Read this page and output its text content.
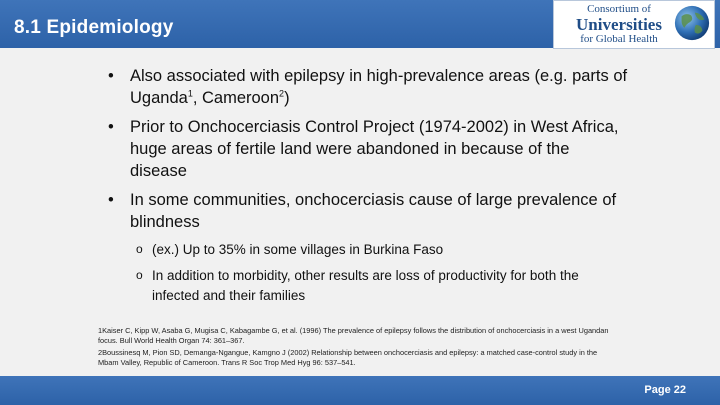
8.1 Epidemiology
Consortium of
Universities
for Global Health

• Also associated with epilepsy in high-prevalence areas (e.g. parts of Uganda$^1$, Cameroon$^2$)

• Prior to Onchocerciasis Control Project (1974-2002) in West Africa, huge areas of fertile land were abandoned in because of the disease

• In some communities, onchocerciasis cause of large prevalence of blindness

o (ex.) Up to 35% in some villages in Burkina Faso

o In addition to morbidity, other results are loss of productivity for both the infected and their families

1Kaiser C, Kipp W, Asaba G, Mugisa C, Kabagambe G, et al. (1996) The prevalence of epilepsy follows the distribution of onchocerciasis in a west Ugandan focus. Bull World Health Organ 74: 361–367.

2Boussinesq M, Pion SD, Demanga-Ngangue, Kamgno J (2002) Relationship between onchocerciasis and epilepsy: a matched case-control study in the Mbam Valley, Republic of Cameroon. Trans R Soc Trop Med Hyg 96: 537–541.

Page 22
